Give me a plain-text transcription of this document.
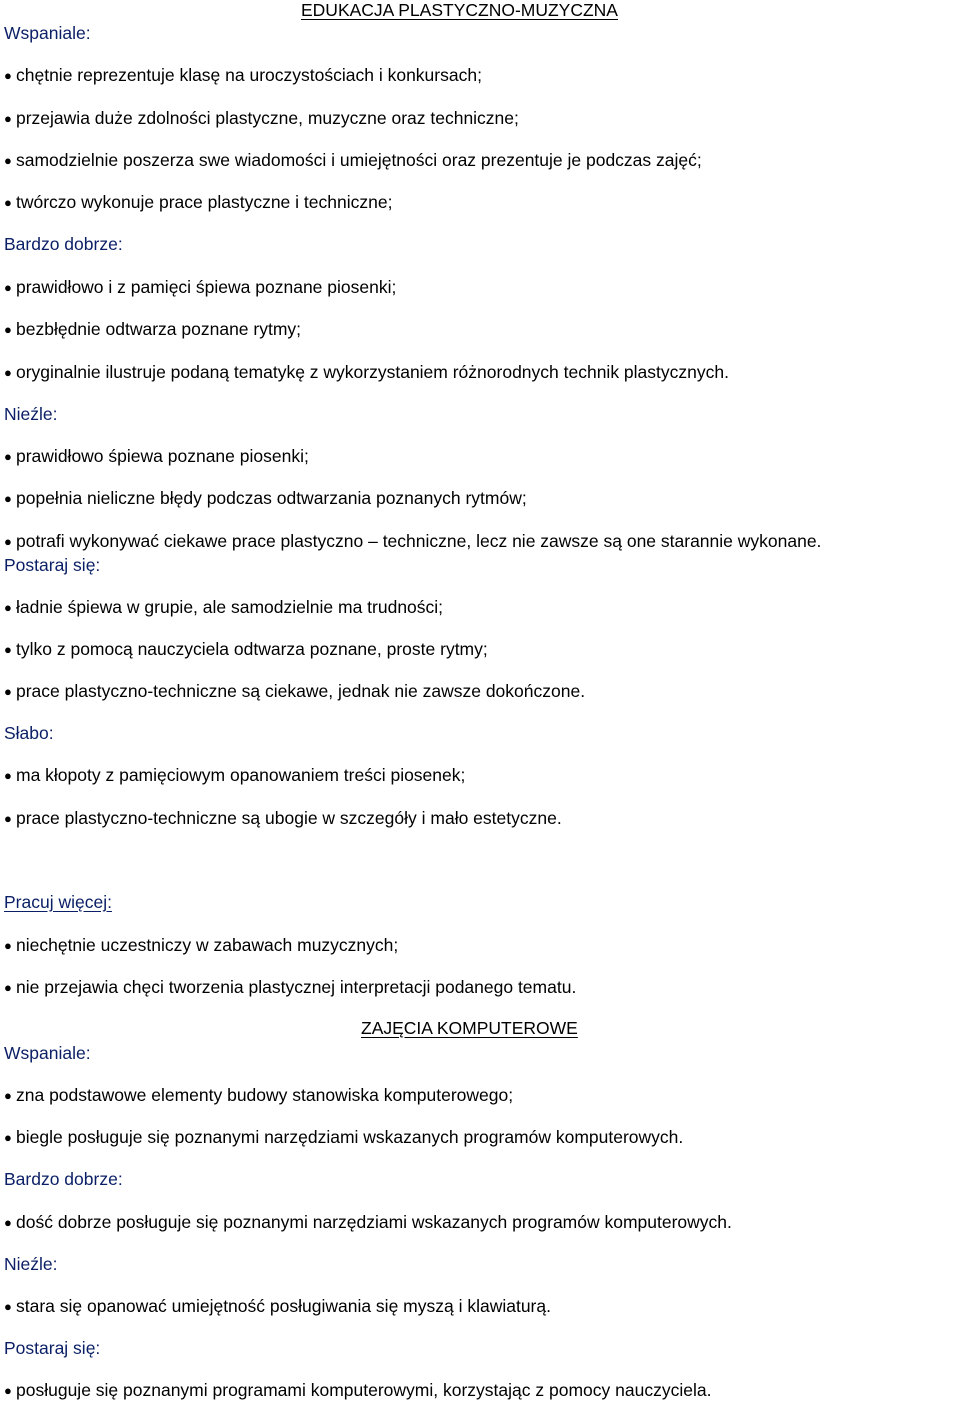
EDUKACJA PLASTYCZNO-MUZYCZNA
Wspaniale:
● chętnie reprezentuje klasę na uroczystościach i konkursach;
● przejawia duże zdolności plastyczne, muzyczne oraz techniczne;
● samodzielnie poszerza swe wiadomości i umiejętności oraz prezentuje je podczas zajęć;
● twórczo wykonuje prace plastyczne i techniczne;
Bardzo dobrze:
● prawidłowo i z pamięci śpiewa poznane piosenki;
● bezbłędnie odtwarza poznane rytmy;
● oryginalnie ilustruje podaną tematykę z wykorzystaniem różnorodnych technik plastycznych.
Nieźle:
● prawidłowo śpiewa poznane piosenki;
● popełnia nieliczne błędy podczas odtwarzania poznanych rytmów;
● potrafi wykonywać ciekawe prace plastyczno – techniczne, lecz nie zawsze są one starannie wykonane.
Postaraj się:
● ładnie śpiewa w grupie, ale samodzielnie ma trudności;
● tylko z pomocą nauczyciela odtwarza poznane, proste rytmy;
● prace plastyczno-techniczne są ciekawe, jednak nie zawsze dokończone.
Słabo:
● ma kłopoty z pamięciowym opanowaniem treści piosenek;
● prace plastyczno-techniczne są ubogie w szczegóły i mało estetyczne.
Pracuj więcej:
● niechętnie uczestniczy w zabawach muzycznych;
● nie przejawia chęci tworzenia plastycznej interpretacji podanego tematu.
ZAJĘCIA KOMPUTEROWE
Wspaniale:
● zna podstawowe elementy budowy stanowiska komputerowego;
● biegle posługuje się poznanymi narzędziami wskazanych programów komputerowych.
Bardzo dobrze:
● dość dobrze posługuje się poznanymi narzędziami wskazanych programów komputerowych.
Nieźle:
● stara się opanować umiejętność posługiwania się myszą i klawiaturą.
Postaraj się:
● posługuje się poznanymi programami komputerowymi, korzystając z pomocy nauczyciela.
